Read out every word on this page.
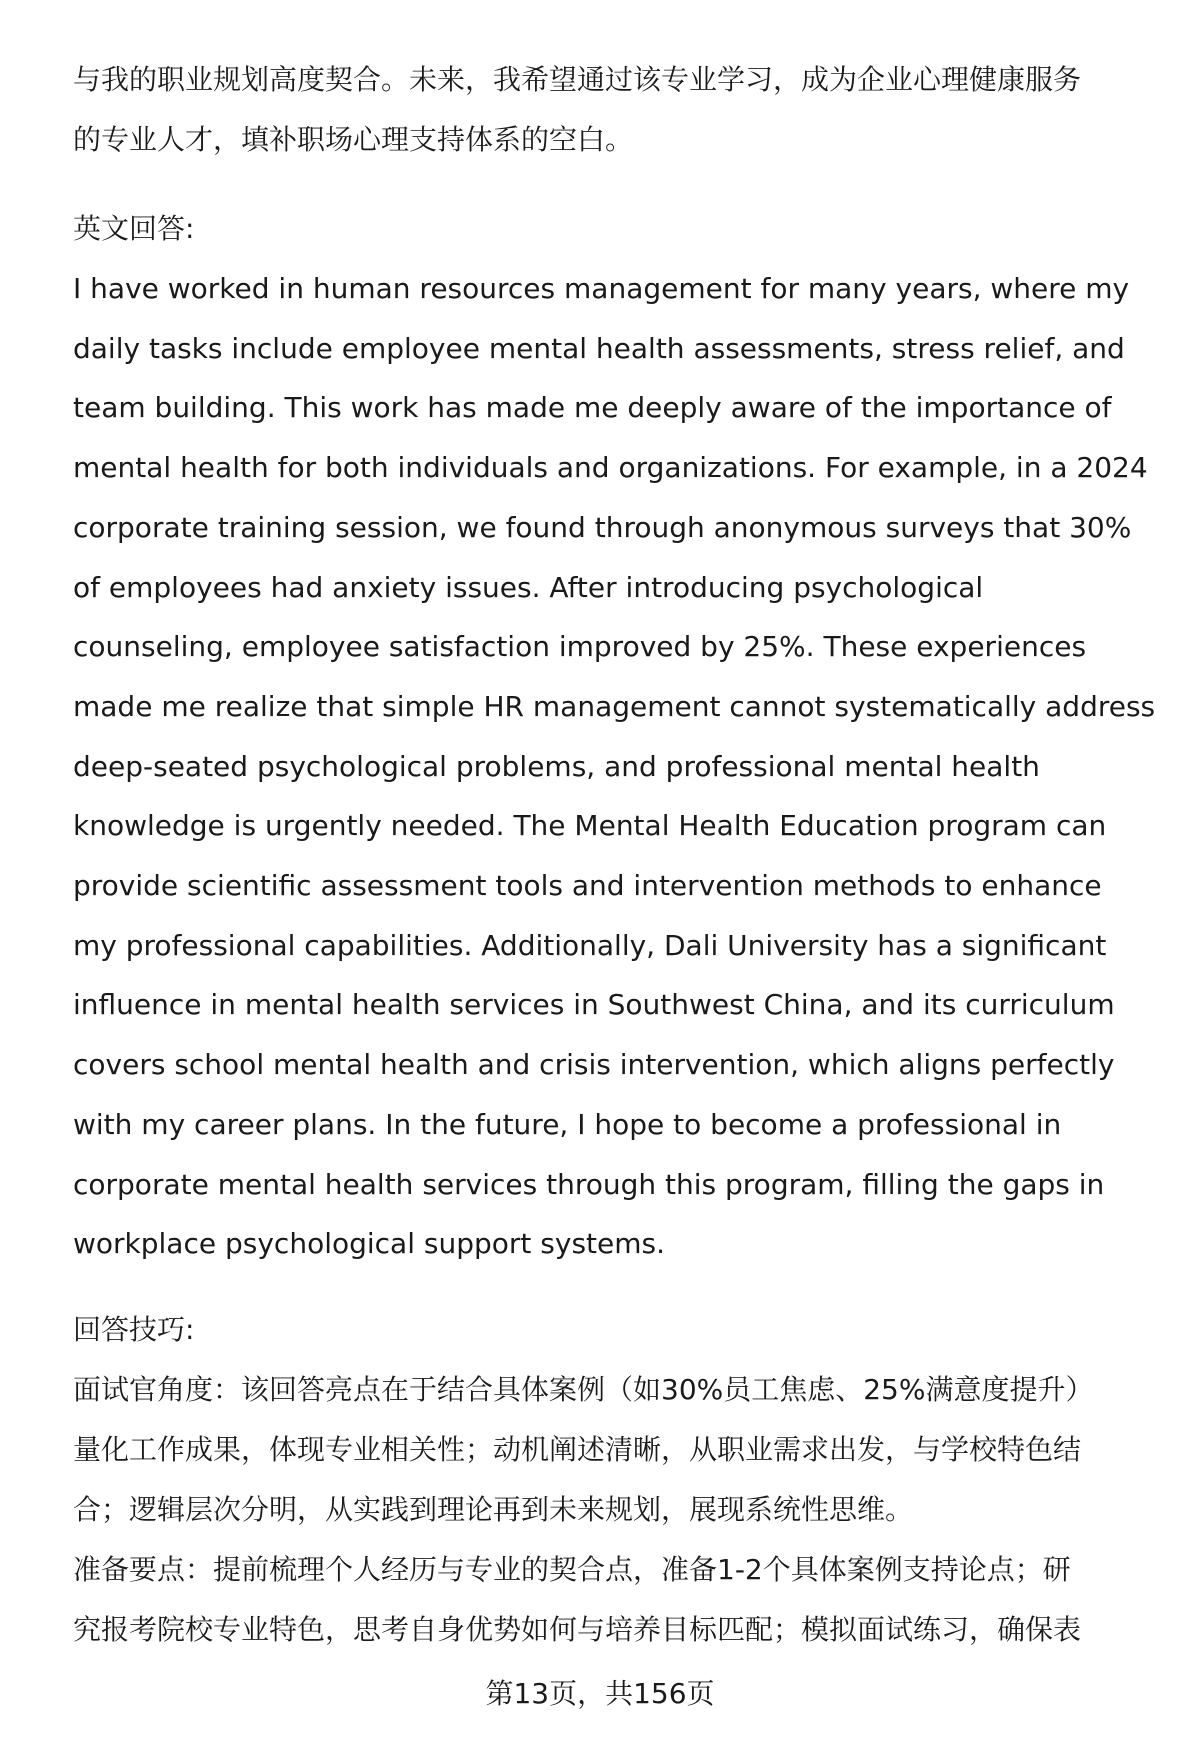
与我的职业规划高度契合。未来，我希望通过该专业学习，成为企业心理健康服务
的专业人才，填补职场心理支持体系的空白。
英文回答:
I have worked in human resources management for many years, where my
daily tasks include employee mental health assessments, stress relief, and
team building. This work has made me deeply aware of the importance of
mental health for both individuals and organizations. For example, in a 2024
corporate training session, we found through anonymous surveys that 30%
of employees had anxiety issues. After introducing psychological
counseling, employee satisfaction improved by 25%. These experiences
made me realize that simple HR management cannot systematically address
deep-seated psychological problems, and professional mental health
knowledge is urgently needed. The Mental Health Education program can
provide scientific assessment tools and intervention methods to enhance
my professional capabilities. Additionally, Dali University has a significant
influence in mental health services in Southwest China, and its curriculum
covers school mental health and crisis intervention, which aligns perfectly
with my career plans. In the future, I hope to become a professional in
corporate mental health services through this program, filling the gaps in
workplace psychological support systems.
回答技巧:
面试官角度：该回答亮点在于结合具体案例（如30%员工焦虑、25%满意度提升）
量化工作成果，体现专业相关性；动机阐述清晰，从职业需求出发，与学校特色结
合；逻辑层次分明，从实践到理论再到未来规划，展现系统性思维。
准备要点：提前梳理个人经历与专业的契合点，准备1-2个具体案例支持论点；研
究报考院校专业特色，思考自身优势如何与培养目标匹配；模拟面试练习，确保表
第13页，共156页
